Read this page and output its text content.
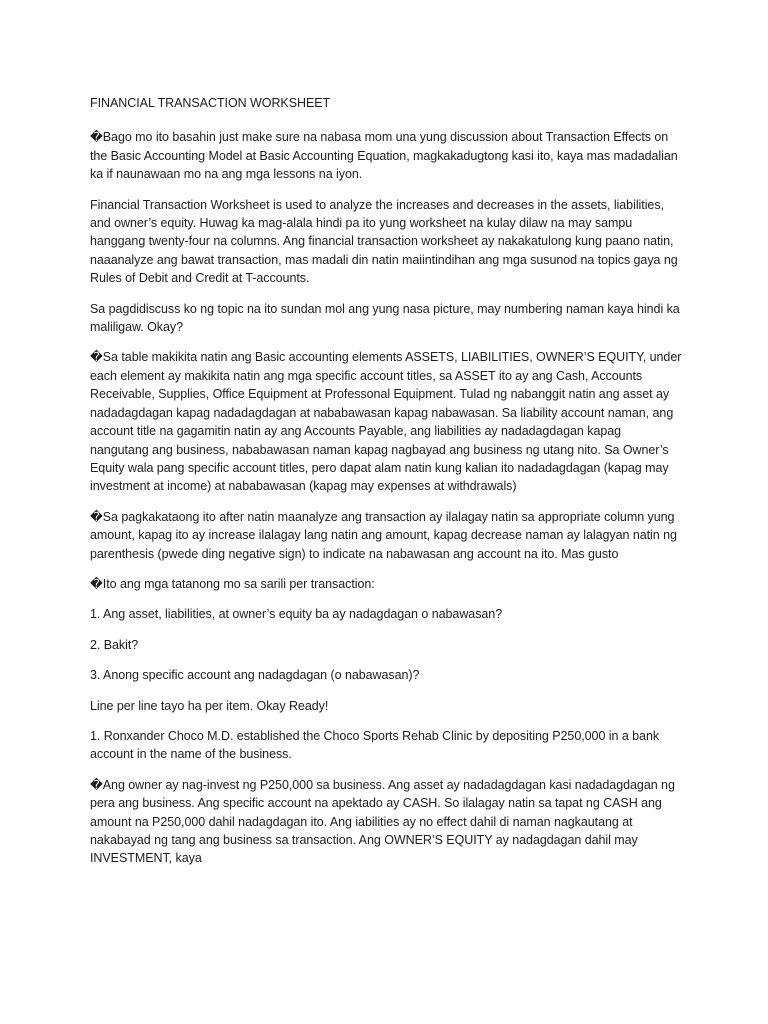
FINANCIAL TRANSACTION WORKSHEET

�Bago mo ito basahin just make sure na nabasa mom una yung discussion about Transaction Effects on the Basic Accounting Model at Basic Accounting Equation, magkakadugtong kasi ito, kaya mas madadalian ka if naunawaan mo na ang mga lessons na iyon.

Financial Transaction Worksheet is used to analyze the increases and decreases in the assets, liabilities, and owner’s equity. Huwag ka mag-alala hindi pa ito yung worksheet na kulay dilaw na may sampu hanggang twenty-four na columns. Ang financial transaction worksheet ay nakakatulong kung paano natin, naaanalyze ang bawat transaction, mas madali din natin maiintindihan ang mga susunod na topics gaya ng Rules of Debit and Credit at T-accounts.

Sa pagdidiscuss ko ng topic na ito sundan mol ang yung nasa picture, may numbering naman kaya hindi ka maliligaw. Okay?

�Sa table makikita natin ang Basic accounting elements ASSETS, LIABILITIES, OWNER’S EQUITY, under each element ay makikita natin ang mga specific account titles, sa ASSET ito ay ang Cash, Accounts Receivable, Supplies, Office Equipment at Professonal Equipment. Tulad ng nabanggit natin ang asset ay nadadagdagan kapag nadadagdagan at nababawasan kapag nabawasan. Sa liability account naman, ang account title na gagamitin natin ay ang Accounts Payable, ang liabilities ay nadadagdagan kapag nangutang ang business, nababawasan naman kapag nagbayad ang business ng utang nito. Sa Owner’s Equity wala pang specific account titles, pero dapat alam natin kung kalian ito nadadagdagan (kapag may investment at income) at nababawasan (kapag may expenses at withdrawals)

�Sa pagkakataong ito after natin maanalyze ang transaction ay ilalagay natin sa appropriate column yung amount, kapag ito ay increase ilalagay lang natin ang amount, kapag decrease naman ay lalagyan natin ng parenthesis (pwede ding negative sign) to indicate na nabawasan ang account na ito. Mas gusto

�Ito ang mga tatanong mo sa sarili per transaction:

1. Ang asset, liabilities, at owner’s equity ba ay nadagdagan o nabawasan?

2. Bakit?

3. Anong specific account ang nadagdagan (o nabawasan)?

Line per line tayo ha per item. Okay Ready!

1. Ronxander Choco M.D. established the Choco Sports Rehab Clinic by depositing P250,000 in a bank account in the name of the business.

�Ang owner ay nag-invest ng P250,000 sa business. Ang asset ay nadadagdagan kasi nadadagdagan ng pera ang business. Ang specific account na apektado ay CASH. So ilalagay natin sa tapat ng CASH ang amount na P250,000 dahil nadagdagan ito. Ang iabilities ay no effect dahil di naman nagkautang at nakabayad ng tang ang business sa transaction. Ang OWNER’S EQUITY ay nadagdagan dahil may INVESTMENT, kaya
